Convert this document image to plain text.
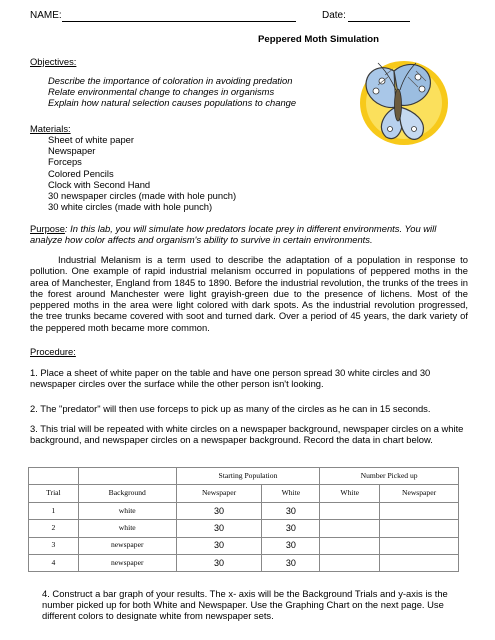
NAME:	Date:
Peppered Moth Simulation
Objectives:
Describe the importance of coloration in avoiding predation
Relate environmental change to changes in organisms
Explain how natural selection causes populations to change
Materials:
Sheet of white paper
Newspaper
Forceps
Colored Pencils
Clock with Second Hand
30 newspaper circles (made with hole punch)
30 white circles (made with hole punch)
Purpose: In this lab, you will simulate how predators locate prey in different environments. You will analyze how color affects and organism's ability to survive in certain environments.
Industrial Melanism is a term used to describe the adaptation of a population in response to pollution. One example of rapid industrial melanism occurred in populations of peppered moths in the area of Manchester, England from 1845 to 1890. Before the industrial revolution, the trunks of the trees in the forest around Manchester were light grayish-green due to the presence of lichens. Most of the peppered moths in the area were light colored with dark spots. As the industrial revolution progressed, the tree trunks became covered with soot and turned dark. Over a period of 45 years, the dark variety of the peppered moth became more common.
Procedure:
1. Place a sheet of white paper on the table and have one person spread 30 white circles and 30 newspaper circles over the surface while the other person isn't looking.
2. The "predator" will then use forceps to pick up as many of the circles as he can in 15 seconds.
3. This trial will be repeated with white circles on a newspaper background, newspaper circles on a white background, and newspaper circles on a newspaper background. Record the data in chart below.
		Starting Population		Number Picked up	
Trial	Background	Newspaper	White	White	Newspaper
1	white	30	30		
2	white	30	30		
3	newspaper	30	30		
4	newspaper	30	30		
4. Construct a bar graph of your results. The x- axis will be the Background Trials and y-axis is the number picked up for both White and Newspaper. Use the Graphing Chart on the next page. Use different colors to designate white from newspaper sets.
